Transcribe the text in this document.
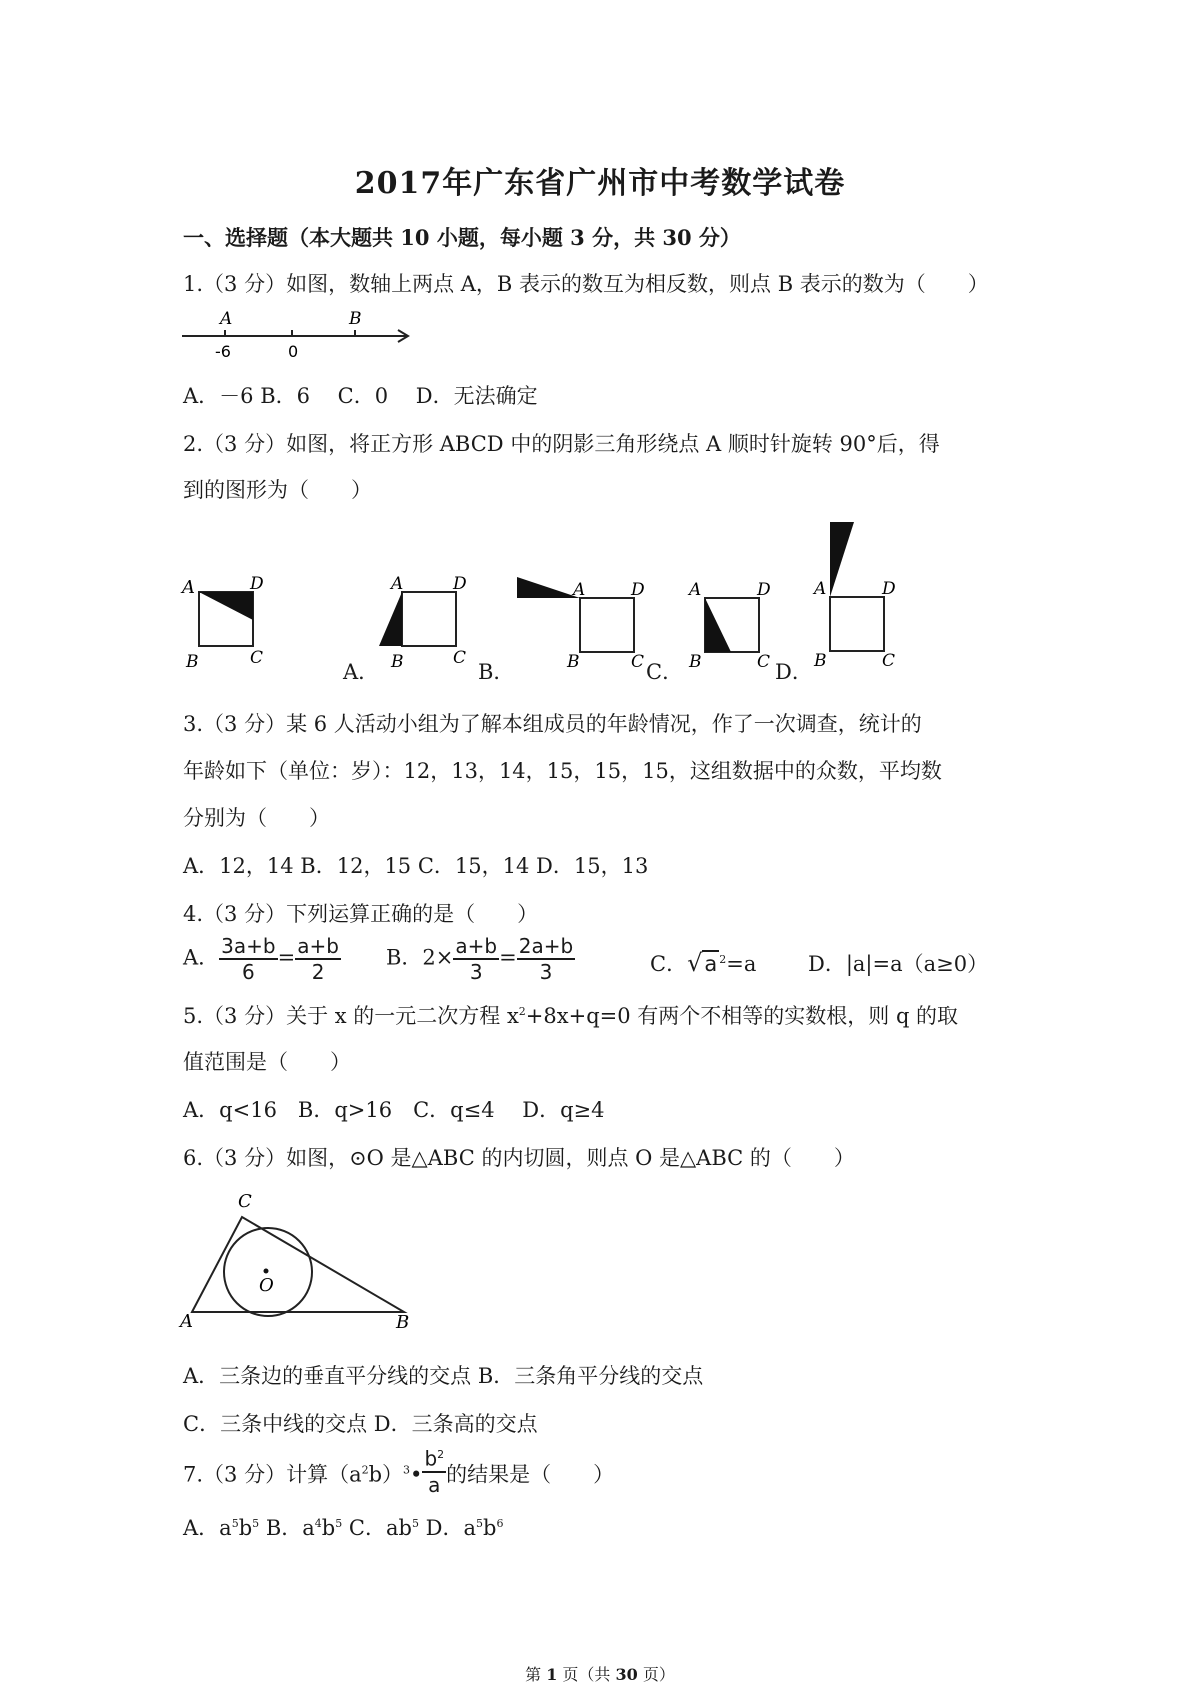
2017年广东省广州市中考数学试卷
一、选择题（本大题共 10 小题，每小题 3 分，共 30 分）
1.（3 分）如图，数轴上两点 A，B 表示的数互为相反数，则点 B 表示的数为（　　）
A	B
-6	0
A．－6 B．6　 C．0　 D．无法确定
2.（3 分）如图，将正方形 ABCD 中的阴影三角形绕点 A 顺时针旋转 90°后，得
到的图形为（　　）
A	D
B	C
A	D
B	C
A．
A	D
B	C
B．
A	D
B	C
C．
A	D
B	C
D．
3.（3 分）某 6 人活动小组为了解本组成员的年龄情况，作了一次调查，统计的
年龄如下（单位：岁）：12，13，14，15，15，15，这组数据中的众数，平均数
分别为（　　）
A．12，14 B．12，15 C．15，14 D．15，13
4.（3 分）下列运算正确的是（　　）
A． $\frac{3a+b}{6} = \frac{a+b}{2}$ B．$2\times \frac{a+b}{3} = \frac{2a+b}{3}$	C．√a $^2$=a D．|a|=a（a≥0）
5.（3 分）关于 x 的一元二次方程 $x^2+8x+q=0$ 有两个不相等的实数根，则 q 的取
值范围是（　　）
A．q<16　B．q>16　C．q≤4　 D．q≥4
6.（3 分）如图，⊙O 是△ABC 的内切圆，则点 O 是△ABC 的（　　）
C
A	B
O
A．三条边的垂直平分线的交点 B．三条角平分线的交点
C．三条中线的交点 D．三条高的交点
7.（3 分）计算$(a^2b)^3• \frac{b^2}{a}$ 的结果是（　　）
A．$a^5b^5$ B．$a^4b^5$ C．$ab^5$ D．$a^5b^6$
第 1 页（共 30 页）
